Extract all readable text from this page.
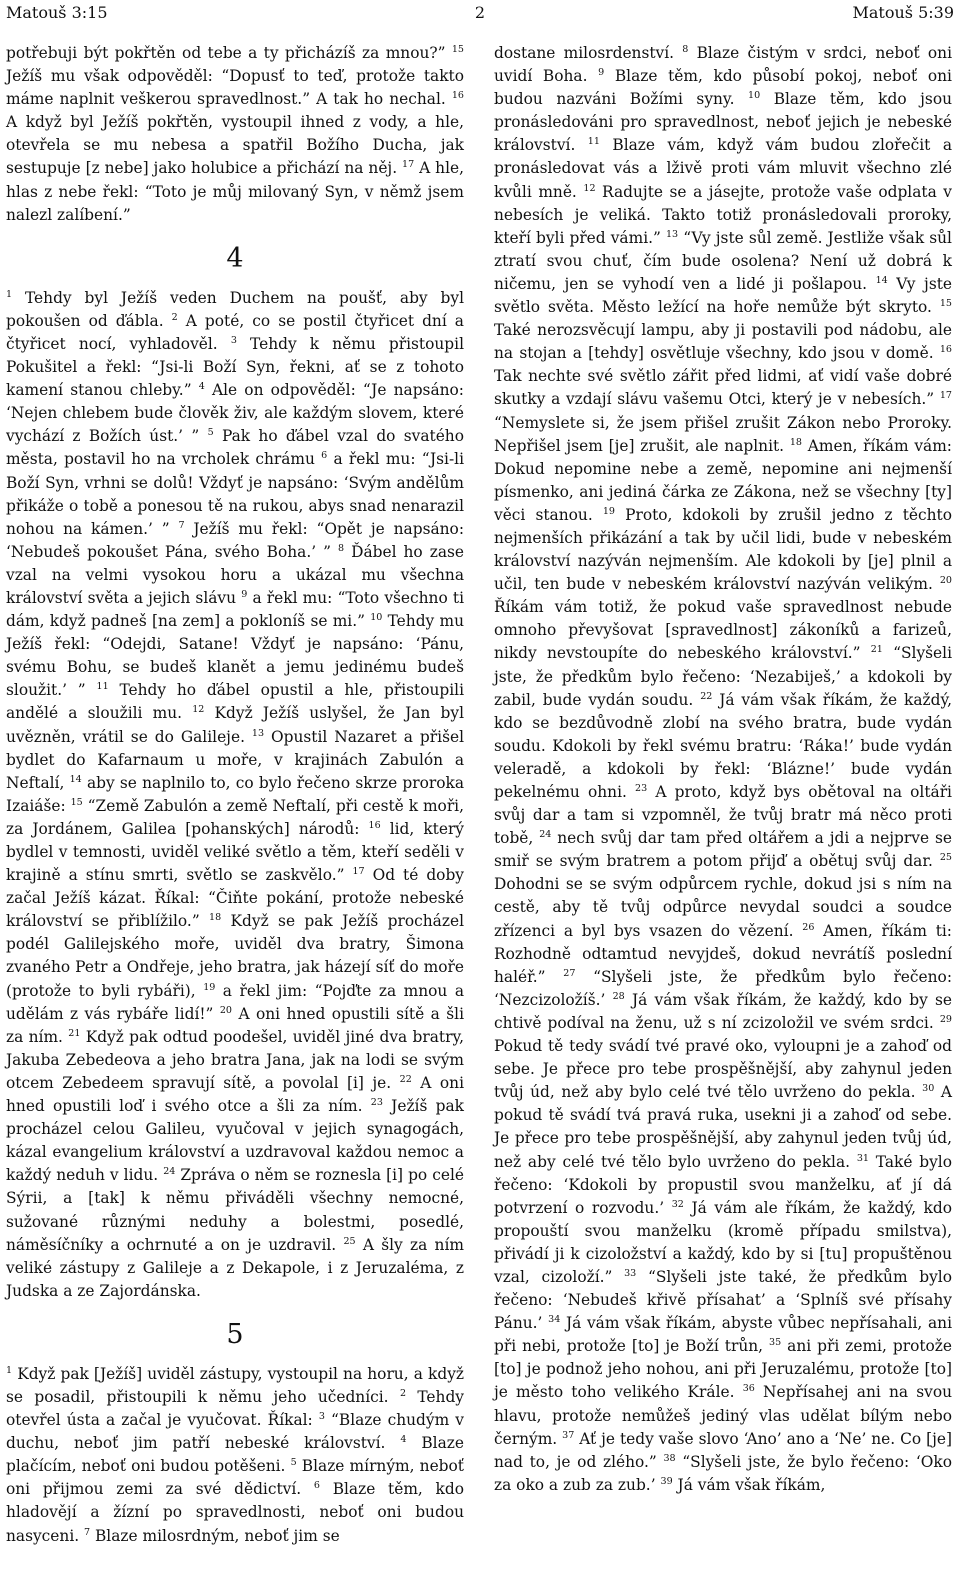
Matouš 3:15	2	Matouš 5:39

potřebuji být pokřtěn od tebe a ty přicházíš za mnou?” $^{15}$ Ježíš mu však odpověděl: “Dopusť to teď, protože takto máme naplnit veškerou spravedlnost.” A tak ho nechal. $^{16}$ A když byl Ježíš pokřtěn, vystoupil ihned z vody, a hle, otevřela se mu nebesa a spatřil Božího Ducha, jak sestupuje [z nebe] jako holubice a přichází na něj. $^{17}$ A hle, hlas z nebe řekl: “Toto je můj milovaný Syn, v němž jsem nalezl zalíbení.”

4

$^1$ Tehdy byl Ježíš veden Duchem na poušť, aby byl pokoušen od ďábla. $^2$ A poté, co se postil čtyřicet dní a čtyřicet nocí, vyhladověl. $^3$ Tehdy k němu přistoupil Pokušitel a řekl: “Jsi-li Boží Syn, řekni, ať se z tohoto kamení stanou chleby.” $^4$ Ale on odpověděl: “Je napsáno: ‘Nejen chlebem bude člověk živ, ale každým slovem, které vychází z Božích úst.’ ” $^5$ Pak ho ďábel vzal do svatého města, postavil ho na vrcholek chrámu $^6$ a řekl mu: “Jsi-li Boží Syn, vrhni se dolů! Vždyť je napsáno: ‘Svým andělům přikáže o tobě a ponesou tě na rukou, abys snad nenarazil nohou na kámen.’ ” $^7$ Ježíš mu řekl: “Opět je napsáno: ‘Nebudeš pokoušet Pána, svého Boha.’ ” $^8$ Ďábel ho zase vzal na velmi vysokou horu a ukázal mu všechna království světa a jejich slávu $^9$ a řekl mu: “Toto všechno ti dám, když padneš [na zem] a pokloníš se mi.” $^{10}$ Tehdy mu Ježíš řekl: “Odejdi, Satane! Vždyť je napsáno: ‘Pánu, svému Bohu, se budeš klanět a jemu jedinému budeš sloužit.’ ” $^{11}$ Tehdy ho ďábel opustil a hle, přistoupili andělé a sloužili mu. $^{12}$ Když Ježíš uslyšel, že Jan byl uvězněn, vrátil se do Galileje. $^{13}$ Opustil Nazaret a přišel bydlet do Kafarnaum u moře, v krajinách Zabulón a Neftalí, $^{14}$ aby se naplnilo to, co bylo řečeno skrze proroka Izaiáše: $^{15}$ “Země Zabulón a země Neftalí, při cestě k moři, za Jordánem, Galilea [pohanských] národů: $^{16}$ lid, který bydlel v temnosti, uviděl veliké světlo a těm, kteří seděli v krajině a stínu smrti, světlo se zaskvělo.” $^{17}$ Od té doby začal Ježíš kázat. Říkal: “Čiňte pokání, protože nebeské království se přiblížilo.” $^{18}$ Když se pak Ježíš procházel podél Galilejského moře, uviděl dva bratry, Šimona zvaného Petr a Ondřeje, jeho bratra, jak házejí síť do moře (protože to byli rybáři), $^{19}$ a řekl jim: “Pojďte za mnou a udělám z vás rybáře lidí!” $^{20}$ A oni hned opustili sítě a šli za ním. $^{21}$ Když pak odtud poodešel, uviděl jiné dva bratry, Jakuba Zebedeova a jeho bratra Jana, jak na lodi se svým otcem Zebedeem spravují sítě, a povolal [i] je. $^{22}$ A oni hned opustili loď i svého otce a šli za ním. $^{23}$ Ježíš pak procházel celou Galileu, vyučoval v jejich synagogách, kázal evangelium království a uzdravoval každou nemoc a každý neduh v lidu. $^{24}$ Zpráva o něm se roznesla [i] po celé Sýrii, a [tak] k němu přiváděli všechny nemocné, sužované různými neduhy a bolestmi, posedlé, náměsíčníky a ochrnuté a on je uzdravil. $^{25}$ A šly za ním veliké zástupy z Galileje a z Dekapole, i z Jeruzaléma, z Judska a ze Zajordánska.

5

$^1$ Když pak [Ježíš] uviděl zástupy, vystoupil na horu, a když se posadil, přistoupili k němu jeho učedníci. $^2$ Tehdy otevřel ústa a začal je vyučovat. Říkal: $^3$ “Blaze chudým v duchu, neboť jim patří nebeské království. $^4$ Blaze plačícím, neboť oni budou potěšeni. $^5$ Blaze mírným, neboť oni přijmou zemi za své dědictví. $^6$ Blaze těm, kdo hladovějí a žízní po spravedlnosti, neboť oni budou nasyceni. $^7$ Blaze milosrdným, neboť jim se

dostane milosrdenství. $^8$ Blaze čistým v srdci, neboť oni uvidí Boha. $^9$ Blaze těm, kdo působí pokoj, neboť oni budou nazváni Božími syny. $^{10}$ Blaze těm, kdo jsou pronásledováni pro spravedlnost, neboť jejich je nebeské království. $^{11}$ Blaze vám, když vám budou zlořečit a pronásledovat vás a lživě proti vám mluvit všechno zlé kvůli mně. $^{12}$ Radujte se a jásejte, protože vaše odplata v nebesích je veliká. Takto totiž pronásledovali proroky, kteří byli před vámi.” $^{13}$ “Vy jste sůl země. Jestliže však sůl ztratí svou chuť, čím bude osolena? Není už dobrá k ničemu, jen se vyhodí ven a lidé ji pošlapou. $^{14}$ Vy jste světlo světa. Město ležící na hoře nemůže být skryto. $^{15}$ Také nerozsvěcují lampu, aby ji postavili pod nádobu, ale na stojan a [tehdy] osvětluje všechny, kdo jsou v domě. $^{16}$ Tak nechte své světlo zářit před lidmi, ať vidí vaše dobré skutky a vzdají slávu vašemu Otci, který je v nebesích.” $^{17}$ “Nemyslete si, že jsem přišel zrušit Zákon nebo Proroky. Nepřišel jsem [je] zrušit, ale naplnit. $^{18}$ Amen, říkám vám: Dokud nepomine nebe a země, nepomine ani nejmenší písmenko, ani jediná čárka ze Zákona, než se všechny [ty] věci stanou. $^{19}$ Proto, kdokoli by zrušil jedno z těchto nejmenších přikázání a tak by učil lidi, bude v nebeském království nazýván nejmenším. Ale kdokoli by [je] plnil a učil, ten bude v nebeském království nazýván velikým. $^{20}$ Říkám vám totiž, že pokud vaše spravedlnost nebude omnoho převyšovat [spravedlnost] zákoníků a farizeů, nikdy nevstoupíte do nebeského království.” $^{21}$ “Slyšeli jste, že předkům bylo řečeno: ‘Nezabiješ,’ a kdokoli by zabil, bude vydán soudu. $^{22}$ Já vám však říkám, že každý, kdo se bezdůvodně zlobí na svého bratra, bude vydán soudu. Kdokoli by řekl svému bratru: ‘Ráka!’ bude vydán veleradě, a kdokoli by řekl: ‘Blázne!’ bude vydán pekelnému ohni. $^{23}$ A proto, když bys obětoval na oltáři svůj dar a tam si vzpomněl, že tvůj bratr má něco proti tobě, $^{24}$ nech svůj dar tam před oltářem a jdi a nejprve se smiř se svým bratrem a potom přijď a obětuj svůj dar. $^{25}$ Dohodni se se svým odpůrcem rychle, dokud jsi s ním na cestě, aby tě tvůj odpůrce nevydal soudci a soudce zřízenci a byl bys vsazen do vězení. $^{26}$ Amen, říkám ti: Rozhodně odtamtud nevyjdeš, dokud nevrátíš poslední haléř.” $^{27}$ “Slyšeli jste, že předkům bylo řečeno: ‘Nezcizoložíš.’ $^{28}$ Já vám však říkám, že každý, kdo by se chtivě podíval na ženu, už s ní zcizoložil ve svém srdci. $^{29}$ Pokud tě tedy svádí tvé pravé oko, vyloupni je a zahoď od sebe. Je přece pro tebe prospěšnější, aby zahynul jeden tvůj úd, než aby bylo celé tvé tělo uvrženo do pekla. $^{30}$ A pokud tě svádí tvá pravá ruka, usekni ji a zahoď od sebe. Je přece pro tebe prospěšnější, aby zahynul jeden tvůj úd, než aby celé tvé tělo bylo uvrženo do pekla. $^{31}$ Také bylo řečeno: ‘Kdokoli by propustil svou manželku, ať jí dá potvrzení o rozvodu.’ $^{32}$ Já vám ale říkám, že každý, kdo propouští svou manželku (kromě případu smilstva), přivádí ji k cizoložství a každý, kdo by si [tu] propuštěnou vzal, cizoloží.” $^{33}$ “Slyšeli jste také, že předkům bylo řečeno: ‘Nebudeš křivě přísahat’ a ‘Splníš své přísahy Pánu.’ $^{34}$ Já vám však říkám, abyste vůbec nepřísahali, ani při nebi, protože [to] je Boží trůn, $^{35}$ ani při zemi, protože [to] je podnož jeho nohou, ani při Jeruzalému, protože [to] je město toho velikého Krále. $^{36}$ Nepřísahej ani na svou hlavu, protože nemůžeš jediný vlas udělat bílým nebo černým. $^{37}$ Ať je tedy vaše slovo ‘Ano’ ano a ‘Ne’ ne. Co [je] nad to, je od zlého.” $^{38}$ “Slyšeli jste, že bylo řečeno: ‘Oko za oko a zub za zub.’ $^{39}$ Já vám však říkám,
